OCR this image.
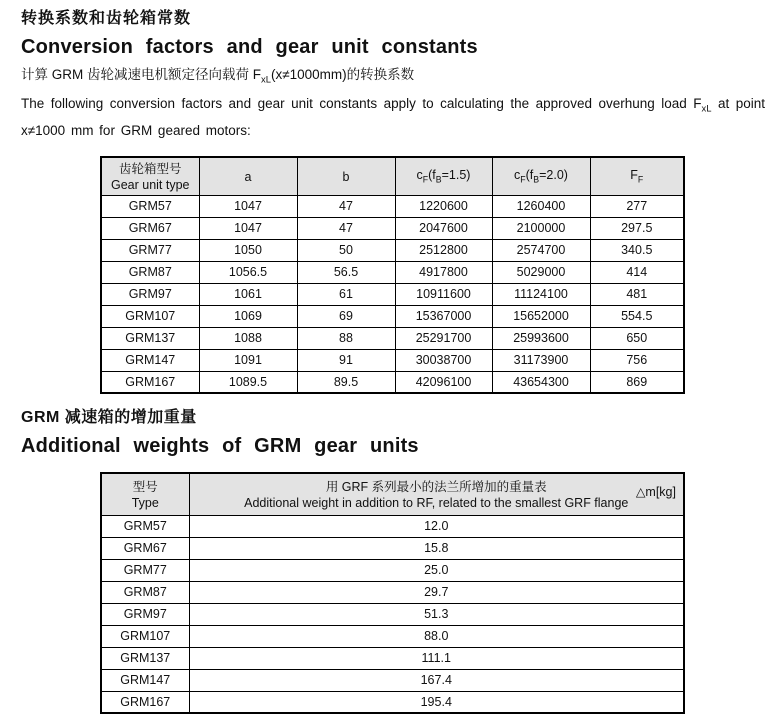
转换系数和齿轮箱常数
Conversion factors and gear unit constants

计算 GRM 齿轮减速电机额定径向载荷 $F_{xL}(x\ne 1000mm)$的转换系数

The following conversion factors and gear unit constants apply to calculating the approved overhung load $F_{xL}$ at point x≠1000 mm for GRM geared motors:

齿轮箱型号
Gear unit type	a	b	$c_F(f_B=1.5)$	$c_F(f_B=2.0)$	$F_F$
GRM57	1047	47	1220600	1260400	277
GRM67	1047	47	2047600	2100000	297.5
GRM77	1050	50	2512800	2574700	340.5
GRM87	1056.5	56.5	4917800	5029000	414
GRM97	1061	61	10911600	11124100	481
GRM107	1069	69	15367000	15652000	554.5
GRM137	1088	88	25291700	25993600	650
GRM147	1091	91	30038700	31173900	756
GRM167	1089.5	89.5	42096100	43654300	869
GRM 减速箱的增加重量
Additional weights of GRM gear units
型号
Type

用 GRF 系列最小的法兰所增加的重量表
Additional weight in addition to RF, related to the smallest GRF flange
△m[kg]

GRM57	12.0
GRM67	15.8
GRM77	25.0
GRM87	29.7
GRM97	51.3
GRM107	88.0
GRM137	111.1
GRM147	167.4
GRM167	195.4
